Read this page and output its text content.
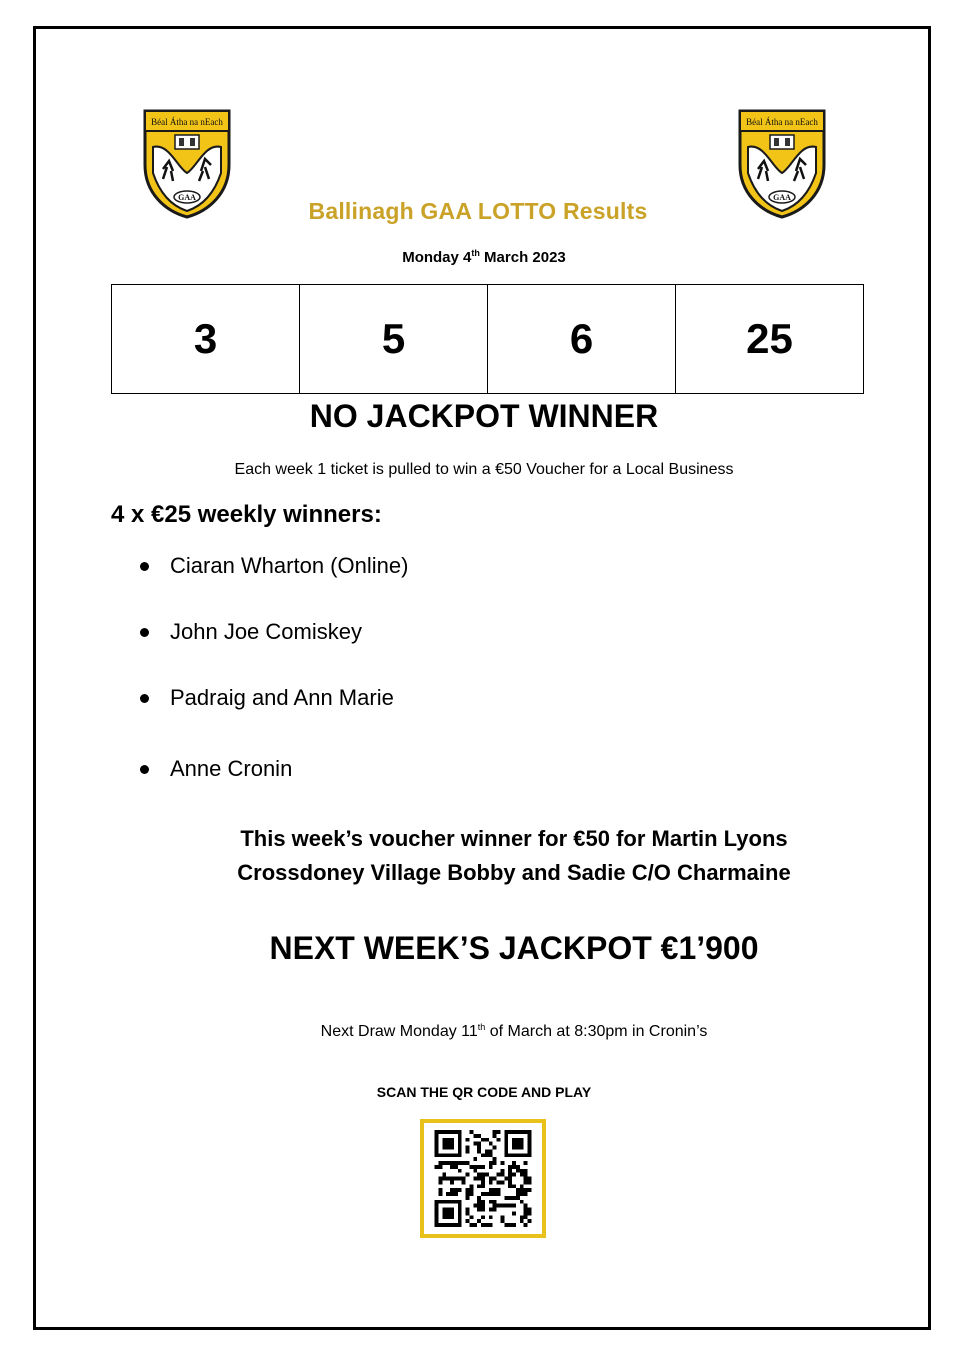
Béal Átha na nEach
GAA
Béal Átha na nEach
GAA
Ballinagh GAA LOTTO Results
Monday 4th March 2023
3	5	6	25
NO JACKPOT WINNER
Each week 1 ticket is pulled to win a €50 Voucher for a Local Business
4 x €25 weekly winners:
Ciaran Wharton (Online)
John Joe Comiskey
Padraig and Ann Marie
Anne Cronin
This week’s voucher winner for €50 for Martin Lyons
Crossdoney Village Bobby and Sadie C/O Charmaine
NEXT WEEK’S JACKPOT €1’900
Next Draw Monday 11th of March at 8:30pm in Cronin’s
SCAN THE QR CODE AND PLAY
